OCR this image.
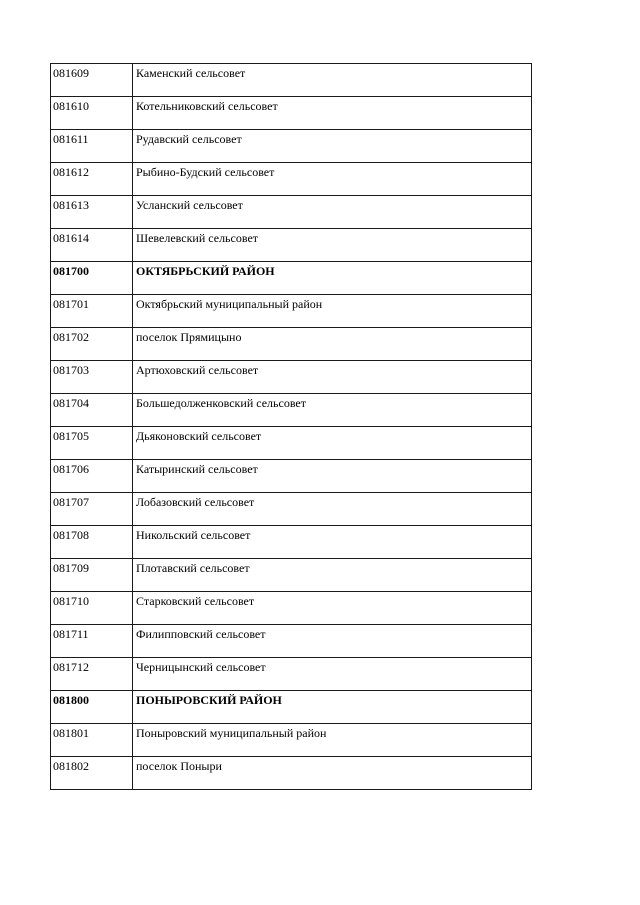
081609	Каменский сельсовет
081610	Котельниковский сельсовет
081611	Рудавский сельсовет
081612	Рыбино-Будский сельсовет
081613	Усланский сельсовет
081614	Шевелевский сельсовет
081700	ОКТЯБРЬСКИЙ РАЙОН
081701	Октябрьский муниципальный район
081702	поселок Прямицыно
081703	Артюховский сельсовет
081704	Большедолженковский сельсовет
081705	Дьяконовский сельсовет
081706	Катыринский сельсовет
081707	Лобазовский сельсовет
081708	Никольский сельсовет
081709	Плотавский сельсовет
081710	Старковский сельсовет
081711	Филипповский сельсовет
081712	Черницынский сельсовет
081800	ПОНЫРОВСКИЙ РАЙОН
081801	Поныровский муниципальный район
081802	поселок Поныри
